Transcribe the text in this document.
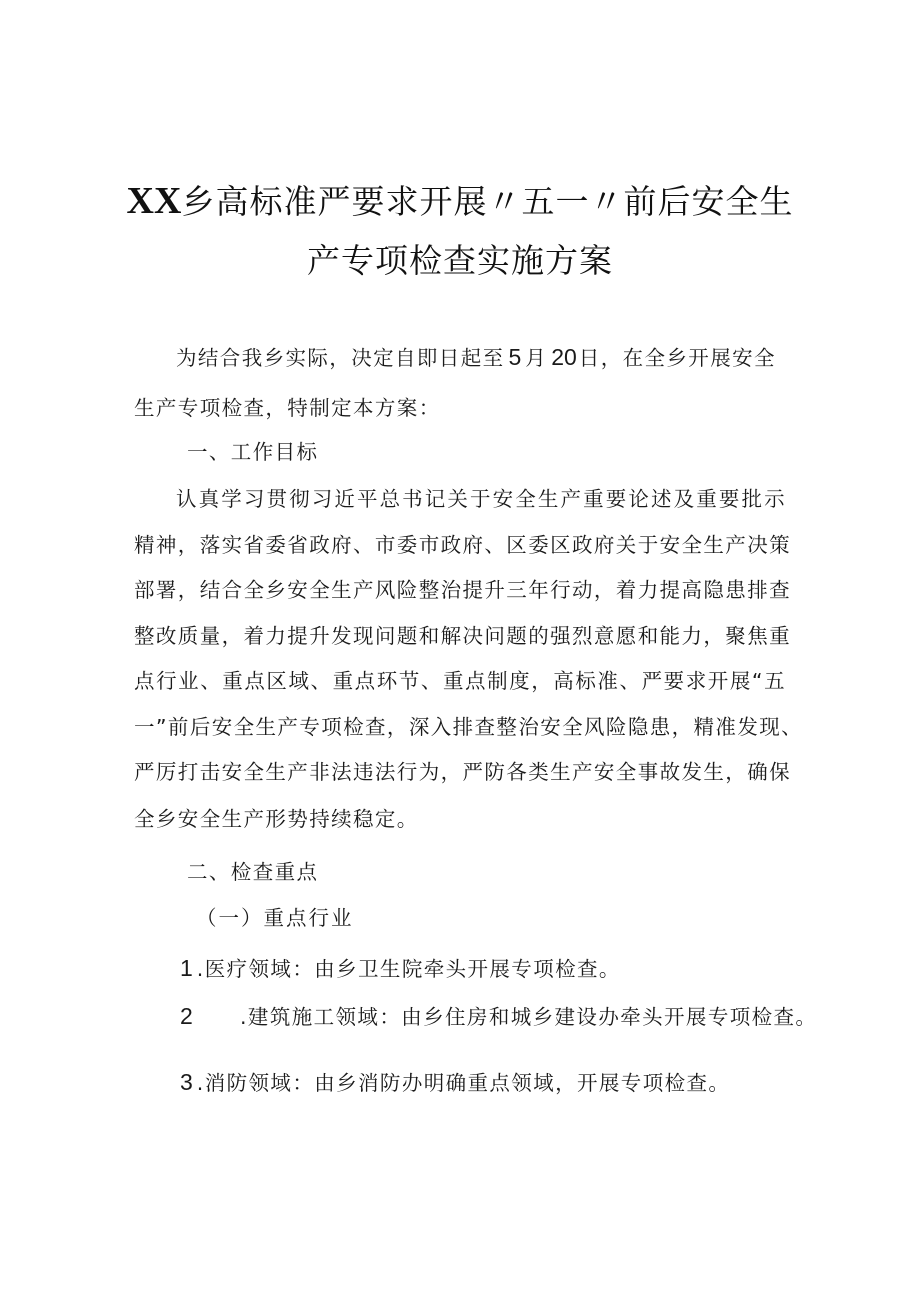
XX乡高标准严要求开展〃五一〃前后安全生
产专项检查实施方案

为结合我乡实际，决定自即日起至 5 月 20日，在全乡开展安全

生产专项检查，特制定本方案：

一、工作目标

认真学习贯彻习近平总书记关于安全生产重要论述及重要批示

精神，落实省委省政府、市委市政府、区委区政府关于安全生产决策

部署，结合全乡安全生产风险整治提升三年行动，着力提高隐患排查

整改质量，着力提升发现问题和解决问题的强烈意愿和能力，聚焦重

点行业、重点区域、重点环节、重点制度，高标准、严要求开展“五

一”前后安全生产专项检查，深入排查整治安全风险隐患，精准发现、

严厉打击安全生产非法违法行为，严防各类生产安全事故发生，确保

全乡安全生产形势持续稳定。

二、检查重点

（一）重点行业

1 .医疗领域：由乡卫生院牵头开展专项检查。

2 .建筑施工领域：由乡住房和城乡建设办牵头开展专项检查。

3 .消防领域：由乡消防办明确重点领域，开展专项检查。
